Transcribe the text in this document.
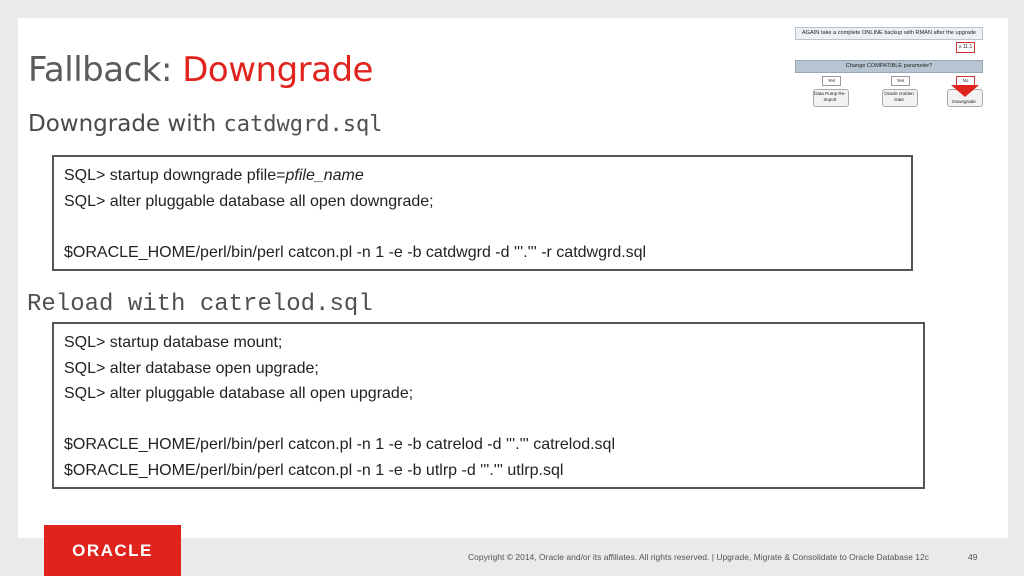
Fallback: Downgrade
Downgrade with catdwgrd.sql
SQL> startup downgrade pfile=pfile_name
SQL> alter pluggable database all open downgrade;
$ORACLE_HOME/perl/bin/perl catcon.pl -n 1 -e -b catdwgrd -d '''.''' -r catdwgrd.sql
Reload with catrelod.sql
SQL> startup database mount;
SQL> alter database open upgrade;
SQL> alter pluggable database all open upgrade;
$ORACLE_HOME/perl/bin/perl catcon.pl -n 1 -e -b catrelod -d '''.''' catrelod.sql
$ORACLE_HOME/perl/bin/perl catcon.pl -n 1 -e -b utlrp -d '''.''' utlrp.sql
AGAIN take a complete ONLINE backup with RMAN after the upgrade
≥ 11.1
Change COMPATIBLE parameter?
Yes	Yes	No
Data Pump Re-Import
Oracle Golden Gate	Downgrade
ORACLE	Copyright © 2014, Oracle and/or its affiliates. All rights reserved. | Upgrade, Migrate & Consolidate to Oracle Database 12c	49
